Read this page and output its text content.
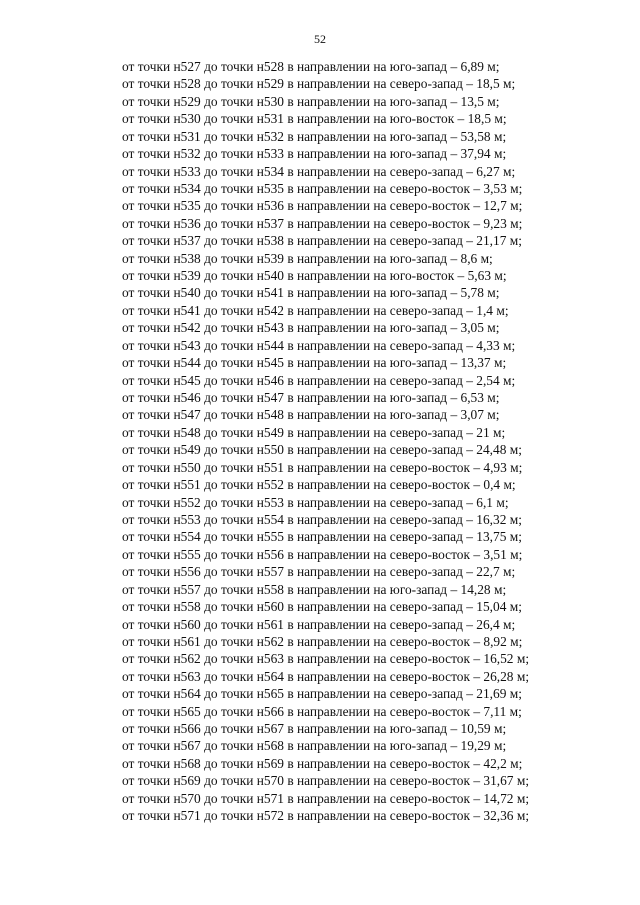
52
от точки н527 до точки н528 в направлении на юго-запад – 6,89 м;
от точки н528 до точки н529 в направлении на северо-запад – 18,5 м;
от точки н529 до точки н530 в направлении на юго-запад – 13,5 м;
от точки н530 до точки н531 в направлении на юго-восток – 18,5 м;
от точки н531 до точки н532 в направлении на юго-запад – 53,58 м;
от точки н532 до точки н533 в направлении на юго-запад – 37,94 м;
от точки н533 до точки н534 в направлении на северо-запад – 6,27 м;
от точки н534 до точки н535 в направлении на северо-восток – 3,53 м;
от точки н535 до точки н536 в направлении на северо-восток – 12,7 м;
от точки н536 до точки н537 в направлении на северо-восток – 9,23 м;
от точки н537 до точки н538 в направлении на северо-запад – 21,17 м;
от точки н538 до точки н539 в направлении на юго-запад – 8,6 м;
от точки н539 до точки н540 в направлении на юго-восток – 5,63 м;
от точки н540 до точки н541 в направлении на юго-запад – 5,78 м;
от точки н541 до точки н542 в направлении на северо-запад – 1,4 м;
от точки н542 до точки н543 в направлении на юго-запад – 3,05 м;
от точки н543 до точки н544 в направлении на северо-запад – 4,33 м;
от точки н544 до точки н545 в направлении на юго-запад – 13,37 м;
от точки н545 до точки н546 в направлении на северо-запад – 2,54 м;
от точки н546 до точки н547 в направлении на юго-запад – 6,53 м;
от точки н547 до точки н548 в направлении на юго-запад – 3,07 м;
от точки н548 до точки н549 в направлении на северо-запад – 21 м;
от точки н549 до точки н550 в направлении на северо-запад – 24,48 м;
от точки н550 до точки н551 в направлении на северо-восток – 4,93 м;
от точки н551 до точки н552 в направлении на северо-восток – 0,4 м;
от точки н552 до точки н553 в направлении на северо-запад – 6,1 м;
от точки н553 до точки н554 в направлении на северо-запад – 16,32 м;
от точки н554 до точки н555 в направлении на северо-запад – 13,75 м;
от точки н555 до точки н556 в направлении на северо-восток – 3,51 м;
от точки н556 до точки н557 в направлении на северо-запад – 22,7 м;
от точки н557 до точки н558 в направлении на юго-запад – 14,28 м;
от точки н558 до точки н560 в направлении на северо-запад – 15,04 м;
от точки н560 до точки н561 в направлении на северо-запад – 26,4 м;
от точки н561 до точки н562 в направлении на северо-восток – 8,92 м;
от точки н562 до точки н563 в направлении на северо-восток – 16,52 м;
от точки н563 до точки н564 в направлении на северо-восток – 26,28 м;
от точки н564 до точки н565 в направлении на северо-запад – 21,69 м;
от точки н565 до точки н566 в направлении на северо-восток – 7,11 м;
от точки н566 до точки н567 в направлении на юго-запад – 10,59 м;
от точки н567 до точки н568 в направлении на юго-запад – 19,29 м;
от точки н568 до точки н569 в направлении на северо-восток – 42,2 м;
от точки н569 до точки н570 в направлении на северо-восток – 31,67 м;
от точки н570 до точки н571 в направлении на северо-восток – 14,72 м;
от точки н571 до точки н572 в направлении на северо-восток – 32,36 м;
